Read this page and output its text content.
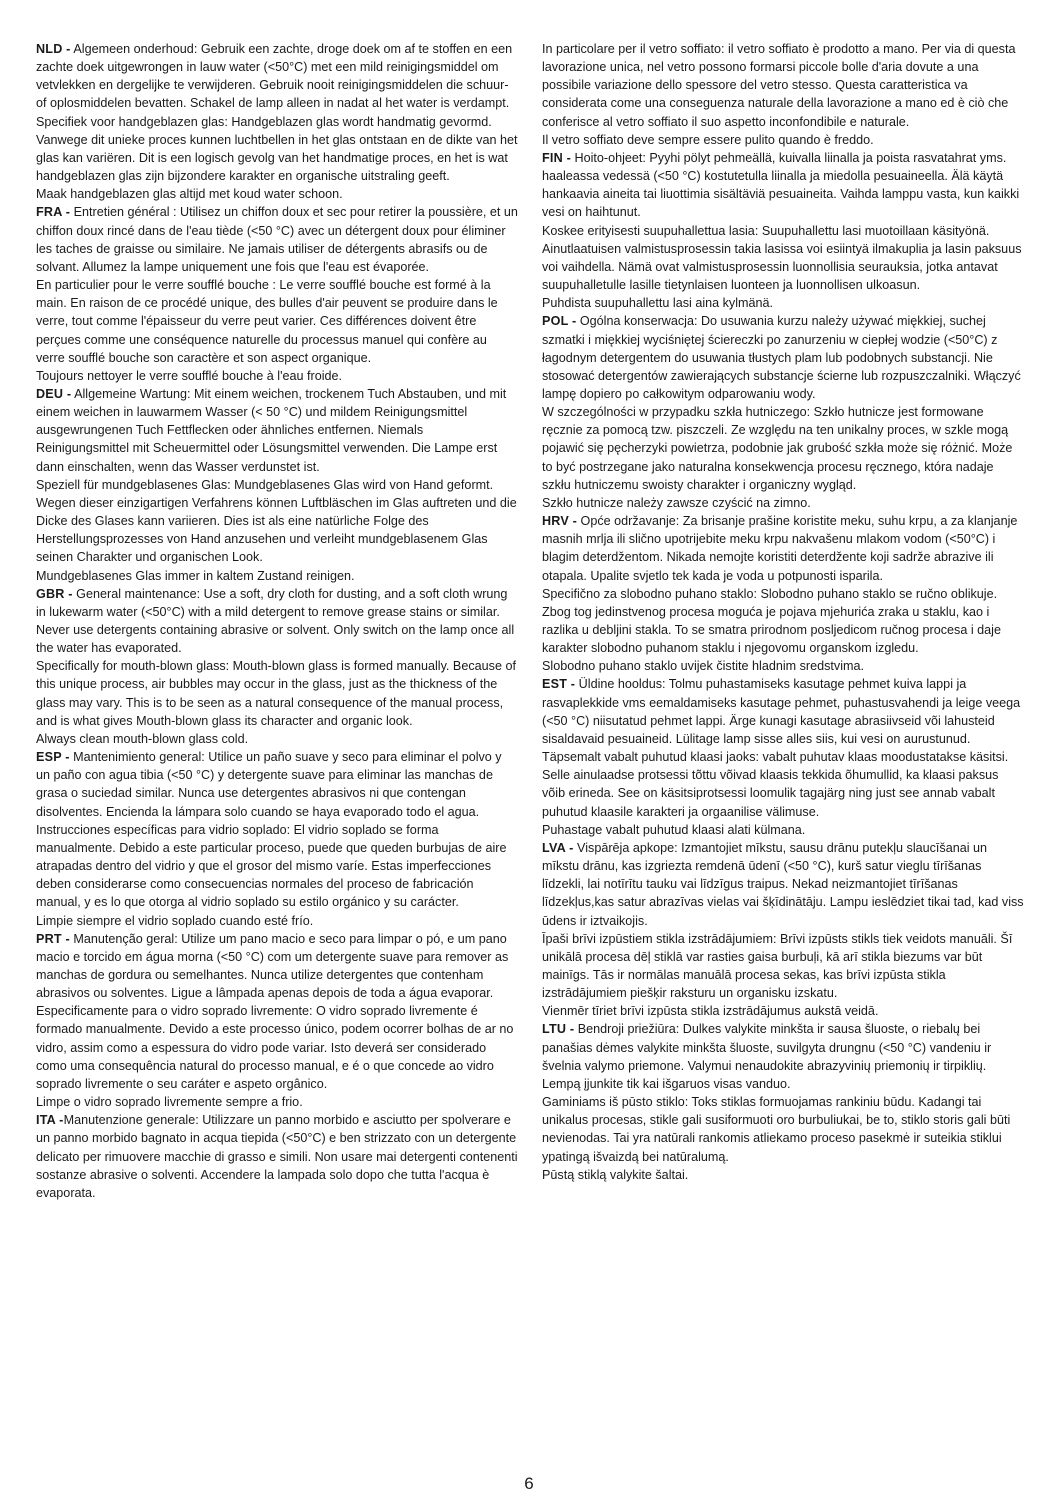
NLD - Algemeen onderhoud: Gebruik een zachte, droge doek om af te stoffen en een zachte doek uitgewrongen in lauw water (<50°C) met een mild reinigingsmiddel om vetvlekken en dergelijke te verwijderen. Gebruik nooit reinigingsmiddelen die schuur- of oplosmiddelen bevatten. Schakel de lamp alleen in nadat al het water is verdampt.

Specifiek voor handgeblazen glas: Handgeblazen glas wordt handmatig gevormd. Vanwege dit unieke proces kunnen luchtbellen in het glas ontstaan en de dikte van het glas kan variëren. Dit is een logisch gevolg van het handmatige proces, en het is wat handgeblazen glas zijn bijzondere karakter en organische uitstraling geeft.

Maak handgeblazen glas altijd met koud water schoon.

FRA - Entretien général : Utilisez un chiffon doux et sec pour retirer la poussière, et un chiffon doux rincé dans de l'eau tiède (<50 °C) avec un détergent doux pour éliminer les taches de graisse ou similaire. Ne jamais utiliser de détergents abrasifs ou de solvant. Allumez la lampe uniquement une fois que l'eau est évaporée.

En particulier pour le verre soufflé bouche : Le verre soufflé bouche est formé à la main. En raison de ce procédé unique, des bulles d'air peuvent se produire dans le verre, tout comme l'épaisseur du verre peut varier. Ces différences doivent être perçues comme une conséquence naturelle du processus manuel qui confère au verre soufflé bouche son caractère et son aspect organique.

Toujours nettoyer le verre soufflé bouche à l'eau froide.

DEU - Allgemeine Wartung: Mit einem weichen, trockenem Tuch Abstauben, und mit einem weichen in lauwarmem Wasser (< 50 °C) und mildem Reinigungsmittel ausgewrungenen Tuch Fettflecken oder ähnliches entfernen. Niemals Reinigungsmittel mit Scheuermittel oder Lösungsmittel verwenden. Die Lampe erst dann einschalten, wenn das Wasser verdunstet ist.

Speziell für mundgeblasenes Glas: Mundgeblasenes Glas wird von Hand geformt. Wegen dieser einzigartigen Verfahrens können Luftbläschen im Glas auftreten und die Dicke des Glases kann variieren. Dies ist als eine natürliche Folge des Herstellungsprozesses von Hand anzusehen und verleiht mundgeblasenem Glas seinen Charakter und organischen Look.

Mundgeblasenes Glas immer in kaltem Zustand reinigen.

GBR - General maintenance: Use a soft, dry cloth for dusting, and a soft cloth wrung in lukewarm water (<50°C) with a mild detergent to remove grease stains or similar. Never use detergents containing abrasive or solvent. Only switch on the lamp once all the water has evaporated.

Specifically for mouth-blown glass: Mouth-blown glass is formed manually. Because of this unique process, air bubbles may occur in the glass, just as the thickness of the glass may vary. This is to be seen as a natural consequence of the manual process, and is what gives Mouth-blown glass its character and organic look.

Always clean mouth-blown glass cold.

ESP - Mantenimiento general: Utilice un paño suave y seco para eliminar el polvo y un paño con agua tibia (<50 °C) y detergente suave para eliminar las manchas de grasa o suciedad similar. Nunca use detergentes abrasivos ni que contengan disolventes. Encienda la lámpara solo cuando se haya evaporado todo el agua.

Instrucciones específicas para vidrio soplado: El vidrio soplado se forma manualmente. Debido a este particular proceso, puede que queden burbujas de aire atrapadas dentro del vidrio y que el grosor del mismo varíe. Estas imperfecciones deben considerarse como consecuencias normales del proceso de fabricación manual, y es lo que otorga al vidrio soplado su estilo orgánico y su carácter.

Limpie siempre el vidrio soplado cuando esté frío.

PRT - Manutenção geral: Utilize um pano macio e seco para limpar o pó, e um pano macio e torcido em água morna (<50 °C) com um detergente suave para remover as manchas de gordura ou semelhantes. Nunca utilize detergentes que contenham abrasivos ou solventes. Ligue a lâmpada apenas depois de toda a água evaporar.

Especificamente para o vidro soprado livremente: O vidro soprado livremente é formado manualmente. Devido a este processo único, podem ocorrer bolhas de ar no vidro, assim como a espessura do vidro pode variar. Isto deverá ser considerado como uma consequência natural do processo manual, e é o que concede ao vidro soprado livremente o seu caráter e aspeto orgânico.

Limpe o vidro soprado livremente sempre a frio.

ITA -Manutenzione generale: Utilizzare un panno morbido e asciutto per spolverare e un panno morbido bagnato in acqua tiepida (<50°C) e ben strizzato con un detergente delicato per rimuovere macchie di grasso e simili. Non usare mai detergenti contenenti sostanze abrasive o solventi. Accendere la lampada solo dopo che tutta l'acqua è evaporata.

In particolare per il vetro soffiato: il vetro soffiato è prodotto a mano. Per via di questa lavorazione unica, nel vetro possono formarsi piccole bolle d'aria dovute a una possibile variazione dello spessore del vetro stesso. Questa caratteristica va considerata come una conseguenza naturale della lavorazione a mano ed è ciò che conferisce al vetro soffiato il suo aspetto inconfondibile e naturale.

Il vetro soffiato deve sempre essere pulito quando è freddo.

FIN - Hoito-ohjeet: Pyyhi pölyt pehmeällä, kuivalla liinalla ja poista rasvatahrat yms. haaleassa vedessä (<50 °C) kostutetulla liinalla ja miedolla pesuaineella. Älä käytä hankaavia aineita tai liuottimia sisältäviä pesuaineita. Vaihda lamppu vasta, kun kaikki vesi on haihtunut.

Koskee erityisesti suupuhallettua lasia: Suupuhallettu lasi muotoillaan käsityönä. Ainutlaatuisen valmistusprosessin takia lasissa voi esiintyä ilmakuplia ja lasin paksuus voi vaihdella. Nämä ovat valmistusprosessin luonnollisia seurauksia, jotka antavat suupuhalletulle lasille tietynlaisen luonteen ja luonnollisen ulkoasun.

Puhdista suupuhallettu lasi aina kylmänä.

POL - Ogólna konserwacja: Do usuwania kurzu należy używać miękkiej, suchej szmatki i miękkiej wyciśniętej ściereczki po zanurzeniu w ciepłej wodzie (<50°C) z łagodnym detergentem do usuwania tłustych plam lub podobnych substancji. Nie stosować detergentów zawierających substancje ścierne lub rozpuszczalniki. Włączyć lampę dopiero po całkowitym odparowaniu wody.

W szczególności w przypadku szkła hutniczego: Szkło hutnicze jest formowane ręcznie za pomocą tzw. piszczeli. Ze względu na ten unikalny proces, w szkle mogą pojawić się pęcherzyki powietrza, podobnie jak grubość szkła może się różnić. Może to być postrzegane jako naturalna konsekwencja procesu ręcznego, która nadaje szkłu hutniczemu swoisty charakter i organiczny wygląd.

Szkło hutnicze należy zawsze czyścić na zimno.

HRV - Opće održavanje: Za brisanje prašine koristite meku, suhu krpu, a za klanjanje masnih mrlja ili slično upotrijebite meku krpu nakvašenu mlakom vodom (<50°C) i blagim deterdžentom. Nikada nemojte koristiti deterdžente koji sadrže abrazive ili otapala. Upalite svjetlo tek kada je voda u potpunosti isparila.

Specifično za slobodno puhano staklo: Slobodno puhano staklo se ručno oblikuje. Zbog tog jedinstvenog procesa moguća je pojava mjehurića zraka u staklu, kao i razlika u debljini stakla. To se smatra prirodnom posljedicom ručnog procesa i daje karakter slobodno puhanom staklu i njegovomu organskom izgledu.

Slobodno puhano staklo uvijek čistite hladnim sredstvima.

EST - Üldine hooldus: Tolmu puhastamiseks kasutage pehmet kuiva lappi ja rasvaplekkide vms eemaldamiseks kasutage pehmet, puhastusvahendi ja leige veega (<50 °C) niisutatud pehmet lappi. Ärge kunagi kasutage abrasiivseid või lahusteid sisaldavaid pesuaineid. Lülitage lamp sisse alles siis, kui vesi on aurustunud.

Täpsemalt vabalt puhutud klaasi jaoks: vabalt puhutav klaas moodustatakse käsitsi. Selle ainulaadse protsessi tõttu võivad klaasis tekkida õhumullid, ka klaasi paksus võib erineda. See on käsitsiprotsessi loomulik tagajärg ning just see annab vabalt puhutud klaasile karakteri ja orgaanilise välimuse.

Puhastage vabalt puhutud klaasi alati külmana.

LVA - Vispārēja apkope: Izmantojiet mīkstu, sausu drānu putekļu slaucīšanai un mīkstu drānu, kas izgriezta remdenā ūdenī (<50 °C), kurš satur vieglu tīrīšanas līdzekli, lai notīrītu tauku vai līdzīgus traipus. Nekad neizmantojiet tīrīšanas līdzekļus,kas satur abrazīvas vielas vai šķīdinātāju. Lampu ieslēdziet tikai tad, kad viss ūdens ir iztvaikojis.

Īpaši brīvi izpūstiem stikla izstrādājumiem: Brīvi izpūsts stikls tiek veidots manuāli. Šī unikālā procesa dēļ stiklā var rasties gaisa burbuļi, kā arī stikla biezums var būt mainīgs. Tās ir normālas manuālā procesa sekas, kas brīvi izpūsta stikla izstrādājumiem piešķir raksturu un organisku izskatu.

Vienmēr tīriet brīvi izpūsta stikla izstrādājumus aukstā veidā.

LTU - Bendroji priežiūra: Dulkes valykite minkšta ir sausa šluoste, o riebalų bei panašias dėmes valykite minkšta šluoste, suvilgyta drungnu (<50 °C) vandeniu ir švelnia valymo priemone. Valymui nenaudokite abrazyvinių priemonių ir tirpiklių. Lempą įjunkite tik kai išgaruos visas vanduo.

Gaminiams iš pūsto stiklo: Toks stiklas formuojamas rankiniu būdu. Kadangi tai unikalus procesas, stikle gali susiformuoti oro burbuliukai, be to, stiklo storis gali būti nevienodas. Tai yra natūrali rankomis atliekamo proceso pasekmė ir suteikia stiklui ypatingą išvaizdą bei natūralumą.

Pūstą stiklą valykite šaltai.

6
